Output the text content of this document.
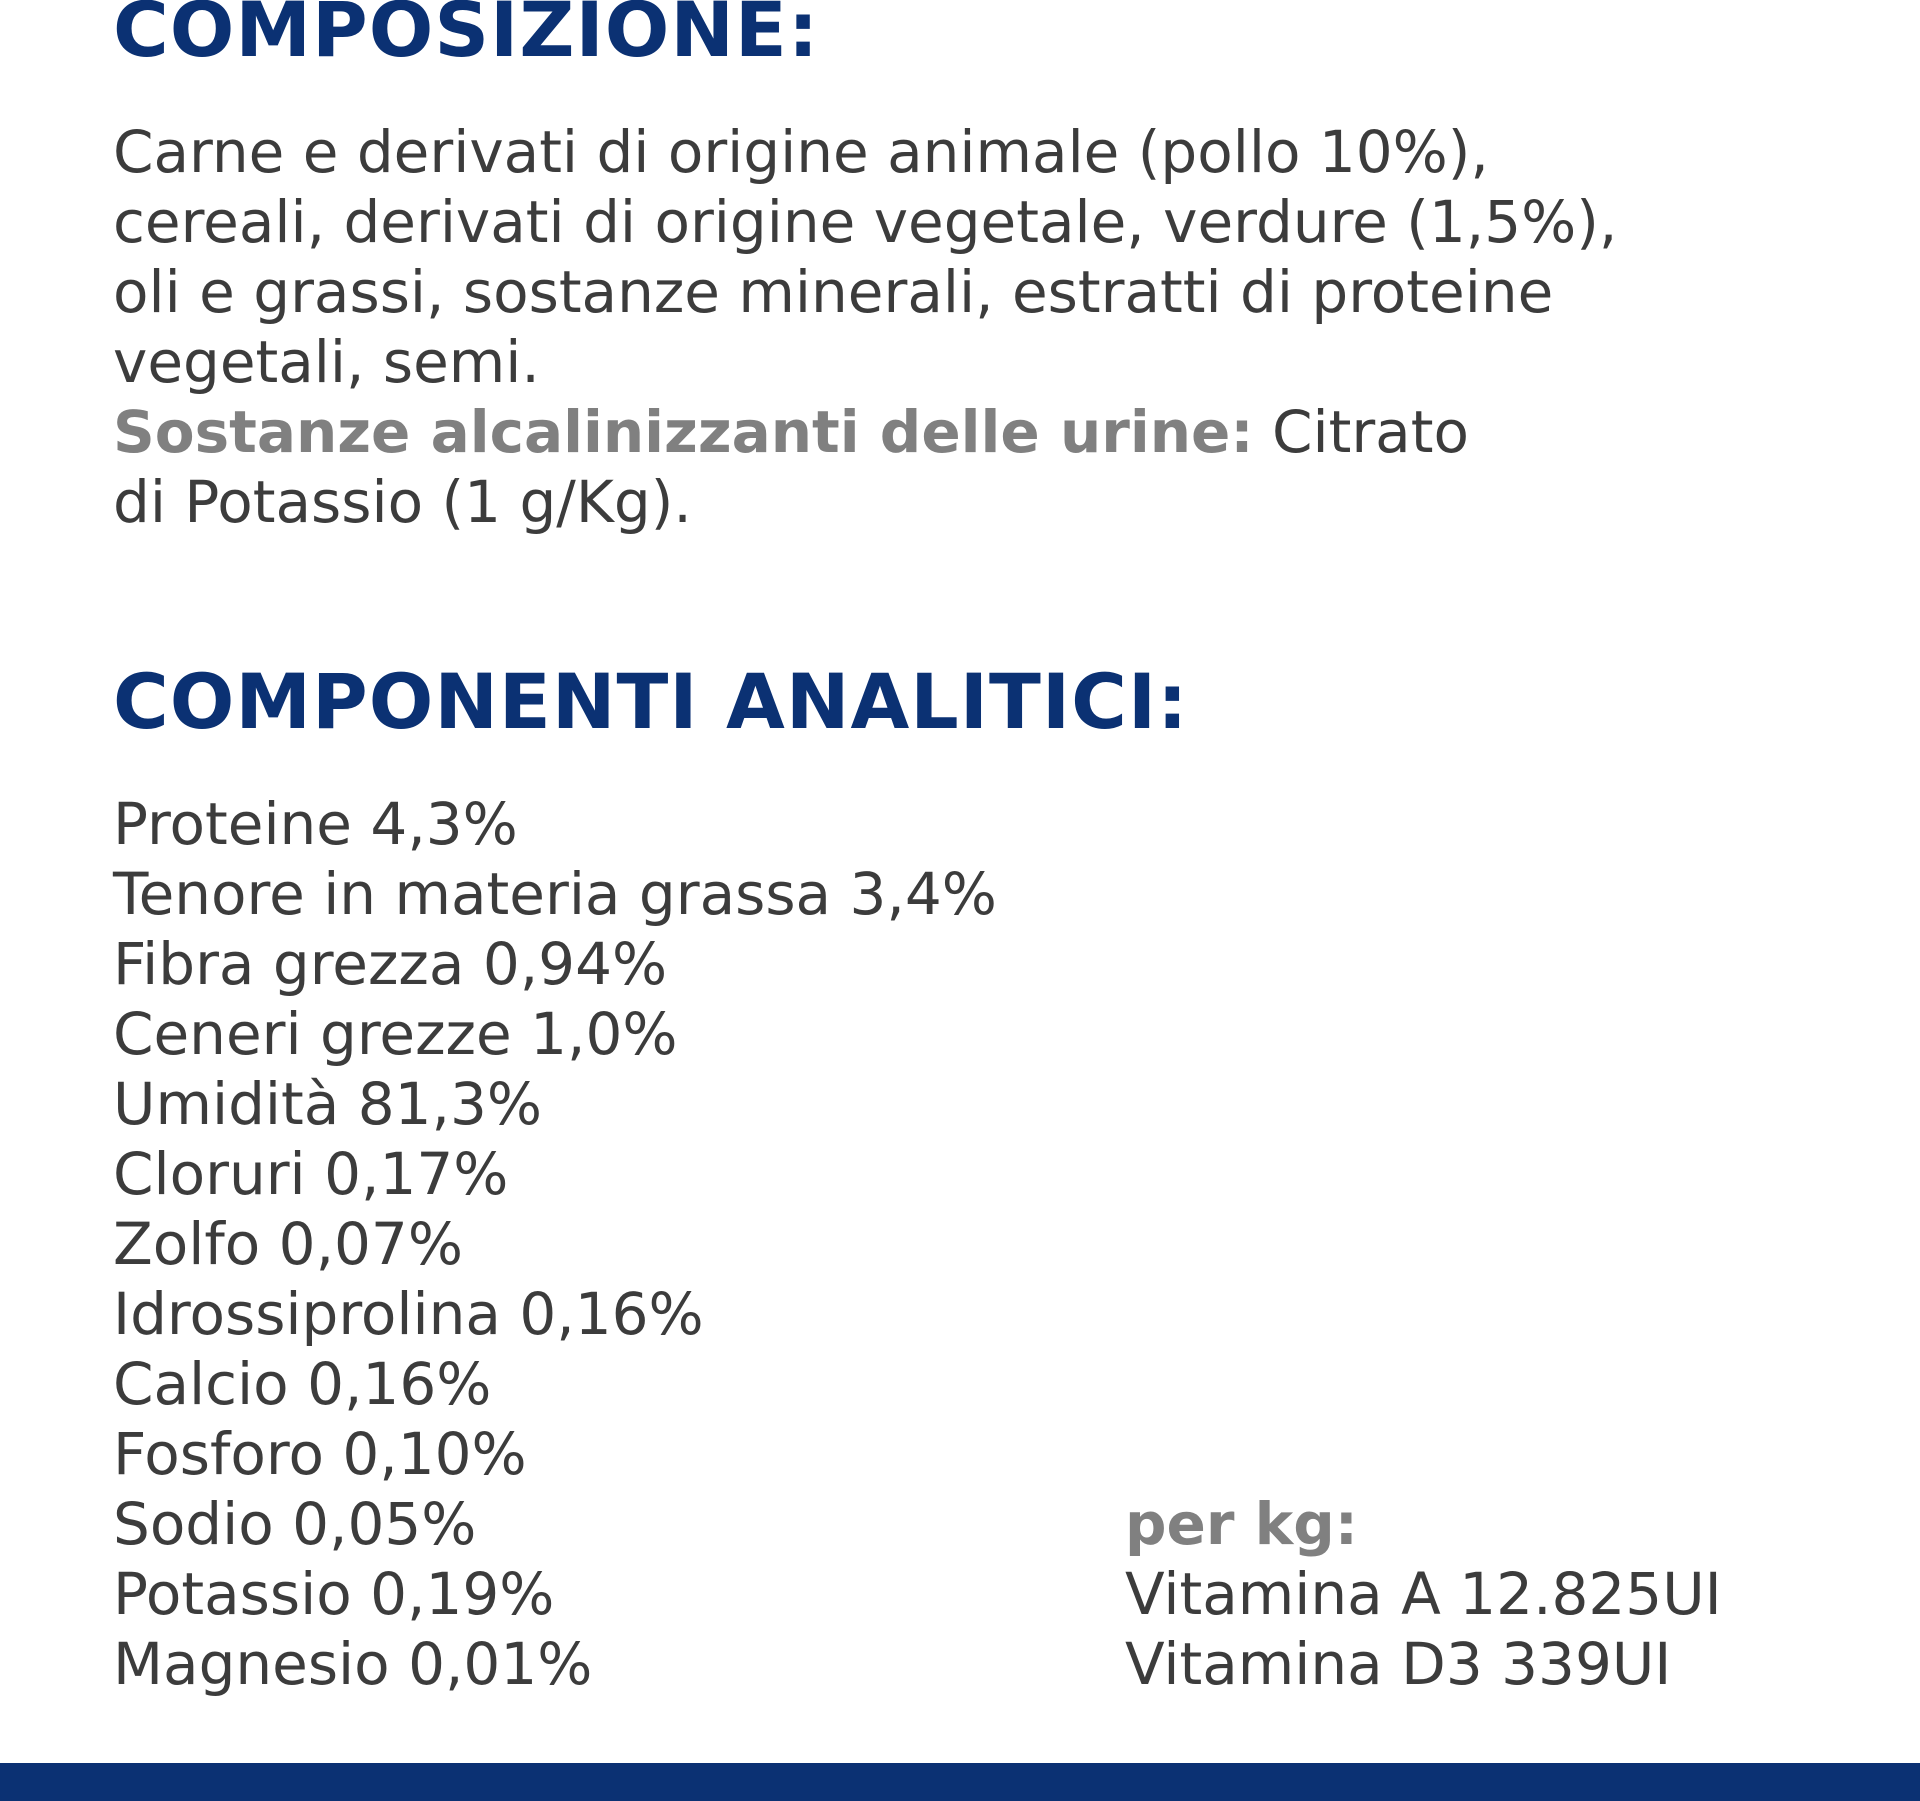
COMPOSIZIONE:
Carne e derivati di origine animale (pollo 10%),
cereali, derivati di origine vegetale, verdure (1,5%),
oli e grassi, sostanze minerali, estratti di proteine
vegetali, semi.
Sostanze alcalinizzanti delle urine: Citrato
di Potassio (1 g/Kg).
COMPONENTI ANALITICI:
Proteine 4,3%
Tenore in materia grassa 3,4%
Fibra grezza 0,94%
Ceneri grezze 1,0%
Umidità 81,3%
Cloruri 0,17%
Zolfo 0,07%
Idrossiprolina 0,16%
Calcio 0,16%
Fosforo 0,10%
Sodio 0,05%
Potassio 0,19%
Magnesio 0,01%
per kg:
Vitamina A 12.825UI
Vitamina D3 339UI
